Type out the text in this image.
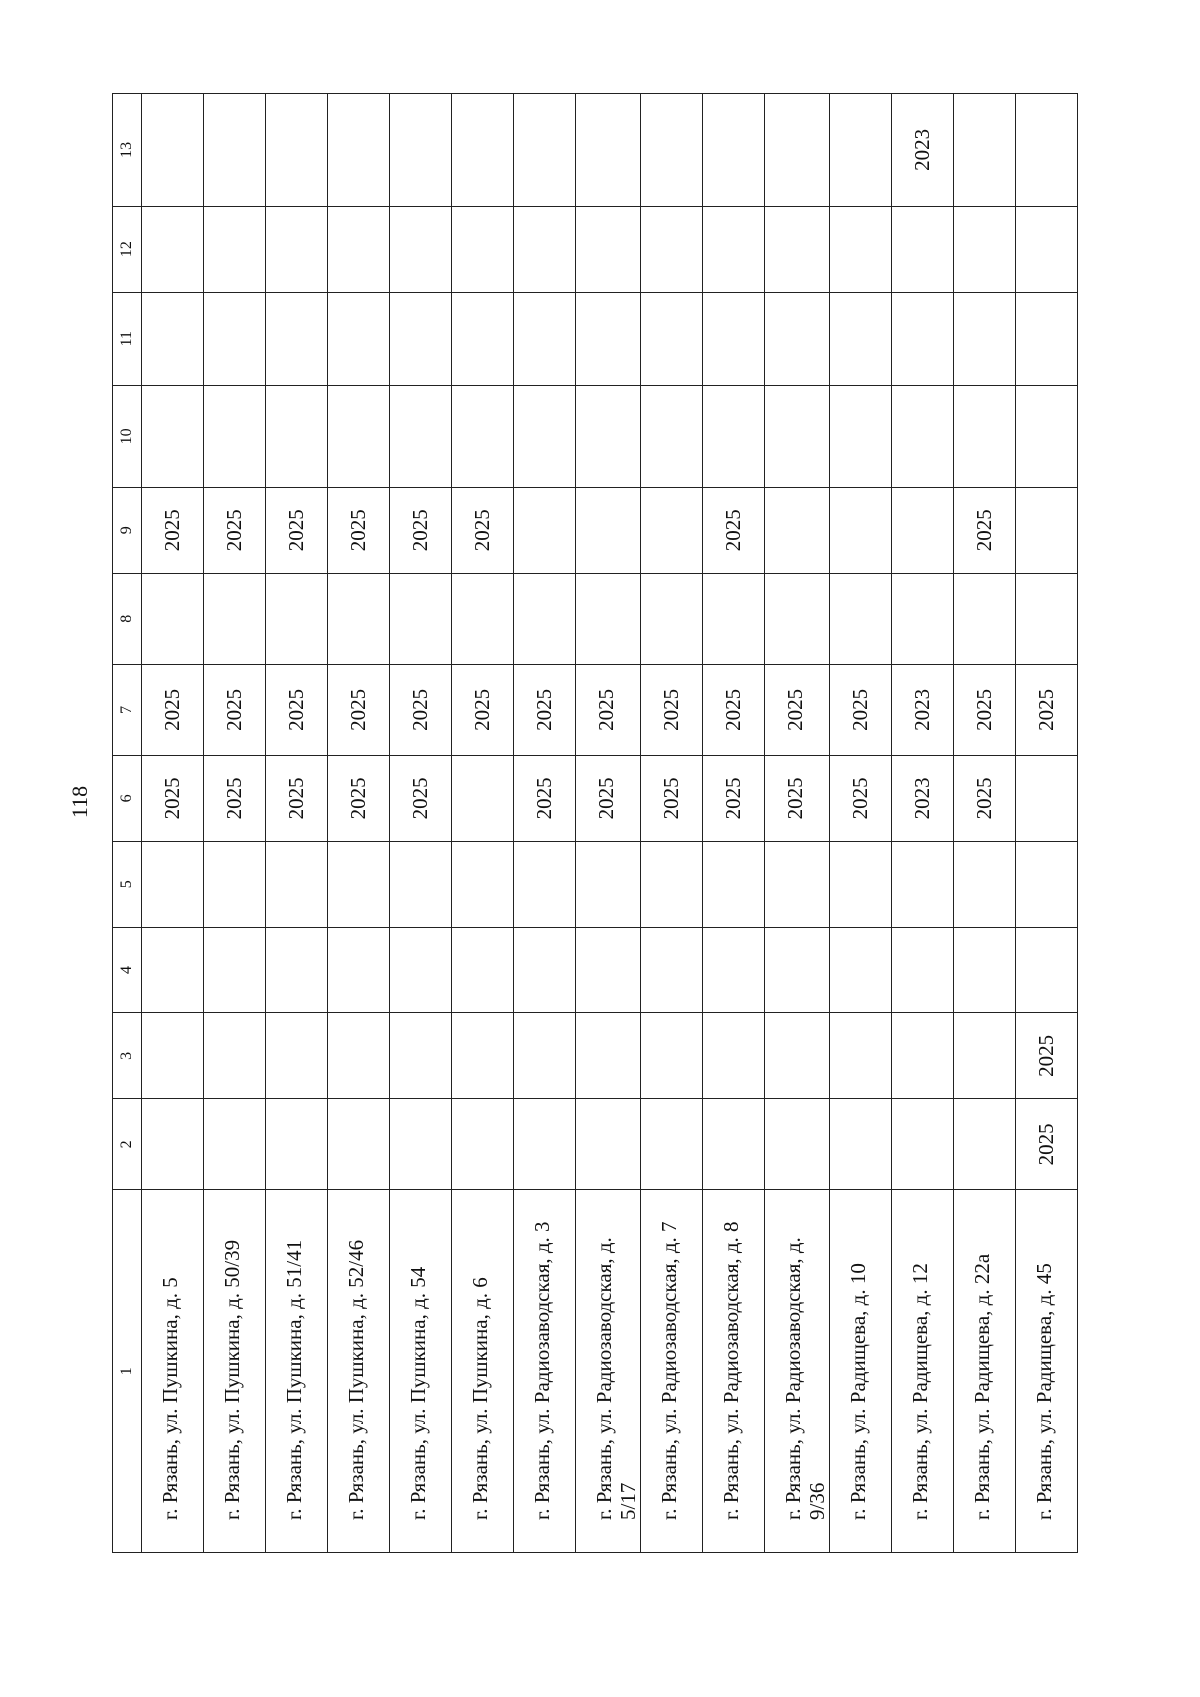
118
1	2	3	4	5	6	7	8	9	10	11	12	13
г. Рязань, ул. Пушкина, д. 5					2025	2025		2025				
г. Рязань, ул. Пушкина, д. 50/39					2025	2025		2025				
г. Рязань, ул. Пушкина, д. 51/41					2025	2025		2025				
г. Рязань, ул. Пушкина, д. 52/46					2025	2025		2025				
г. Рязань, ул. Пушкина, д. 54					2025	2025		2025				
г. Рязань, ул. Пушкина, д. 6						2025		2025				
г. Рязань, ул. Радиозаводская, д. 3					2025	2025						
г. Рязань, ул. Радиозаводская, д. 5/17					2025	2025						
г. Рязань, ул. Радиозаводская, д. 7					2025	2025						
г. Рязань, ул. Радиозаводская, д. 8					2025	2025		2025				
г. Рязань, ул. Радиозаводская, д. 9/36					2025	2025						
г. Рязань, ул. Радищева, д. 10					2025	2025						
г. Рязань, ул. Радищева, д. 12					2023	2023						2023
г. Рязань, ул. Радищева, д. 22а					2025	2025		2025				
г. Рязань, ул. Радищева, д. 45	2025	2025				2025						
